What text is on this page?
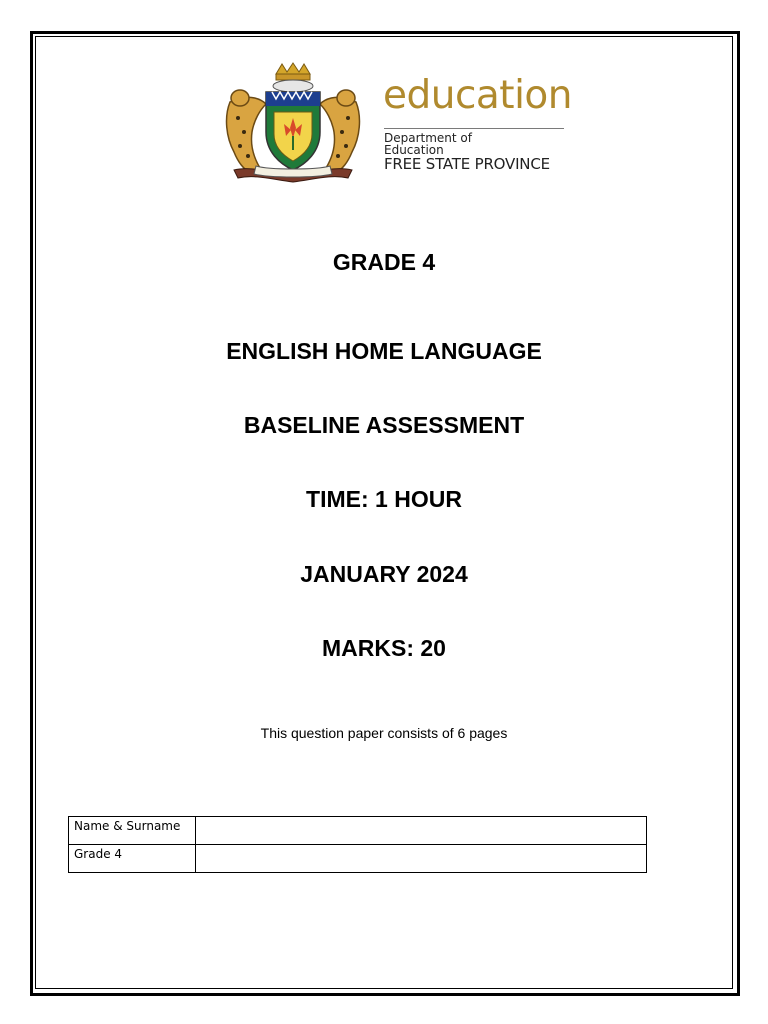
education
Department of
Education
FREE STATE PROVINCE
GRADE 4
ENGLISH HOME LANGUAGE
BASELINE ASSESSMENT
TIME: 1 HOUR
JANUARY 2024
MARKS: 20
This question paper consists of 6 pages
Name & Surname	
Grade 4	
